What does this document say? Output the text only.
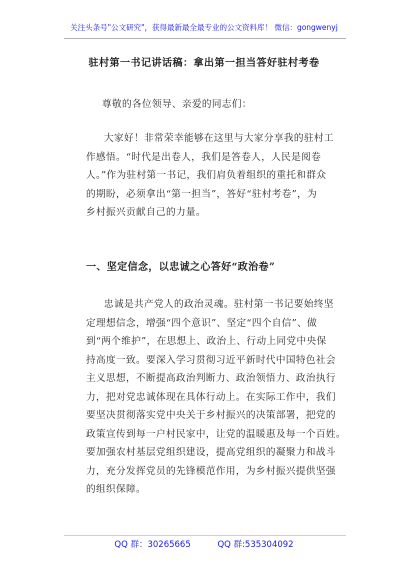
关注头条号"公文研究"，获得最新最全最专业的公文资料库！ 微信：gongwenyj
驻村第一书记讲话稿：拿出第一担当答好驻村考卷
尊敬的各位领导、亲爱的同志们：
大家好！非常荣幸能够在这里与大家分享我的驻村工
作感悟。“时代是出卷人，我们是答卷人，人民是阅卷
人。”作为驻村第一书记，我们肩负着组织的重托和群众
的期盼，必须拿出“第一担当”，答好“驻村考卷”，为
乡村振兴贡献自己的力量。
一、坚定信念，以忠诚之心答好“政治卷”
忠诚是共产党人的政治灵魂。驻村第一书记要始终坚
定理想信念，增强“四个意识”、坚定“四个自信”、做
到“两个维护”，在思想上、政治上、行动上同党中央保
持高度一致。要深入学习贯彻习近平新时代中国特色社会
主义思想，不断提高政治判断力、政治领悟力、政治执行
力，把对党忠诚体现在具体行动上。在实际工作中，我们
要坚决贯彻落实党中央关于乡村振兴的决策部署，把党的
政策宣传到每一户村民家中，让党的温暖惠及每一个百姓。
要加强农村基层党组织建设，提高党组织的凝聚力和战斗
力，充分发挥党员的先锋模范作用，为乡村振兴提供坚强
的组织保障。
QQ 群：30265665	QQ 群:535304092
